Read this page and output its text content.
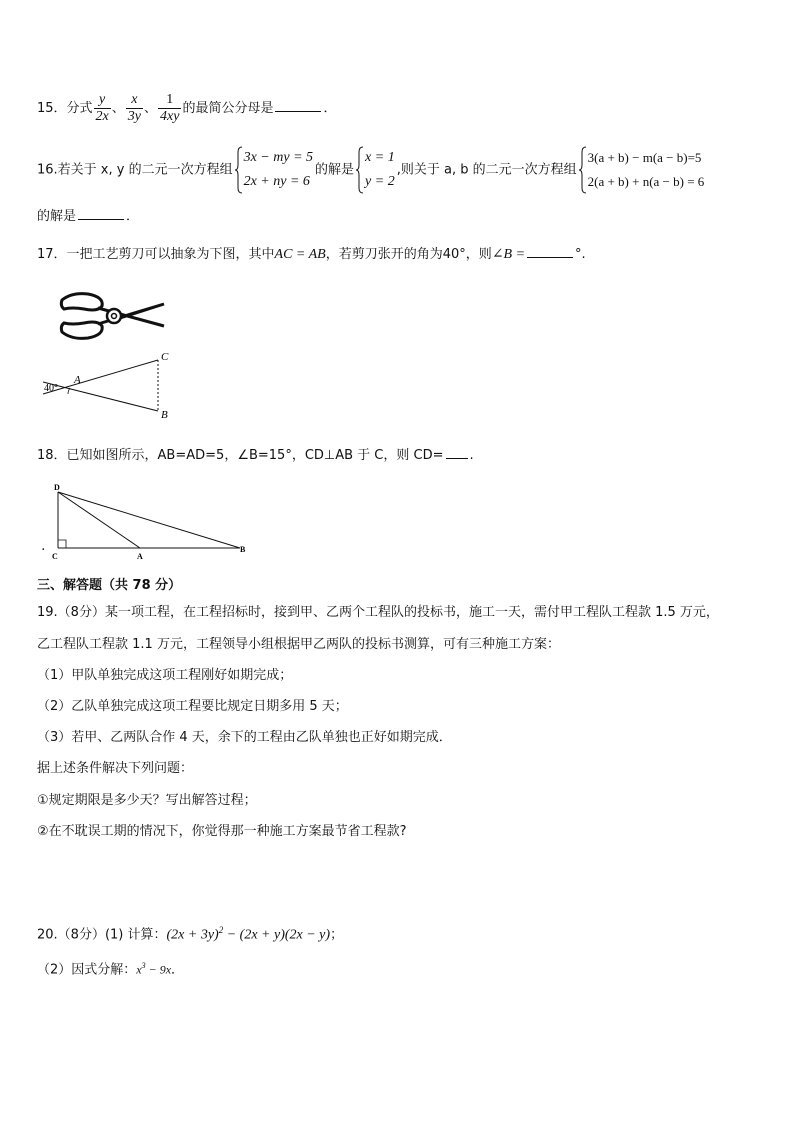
15．分式 $\frac{y}{2x}$ 、 $\frac{x}{3y}$ 、 $\frac{1}{4xy}$ 的最简公分母是	．
16.若关于 x, y 的二元一次方程组
3x − my = 5
2x + ny = 6
的解是
x = 1
y = 2
,则关于 a, b 的二元一次方程组
3(a + b) − m(a − b)=5
2(a + b) + n(a − b) = 6
的解是	．
17．一把工艺剪刀可以抽象为下图，其中AC = AB，若剪刀张开的角为40°，则∠B =	°.
40°
A
C
B
18．已知如图所示，AB=AD=5，∠B=15°，CD⊥AB 于 C，则 CD= .
D
C	A
B
.
三、解答题（共 78 分）
19.（8分）某一项工程，在工程招标时，接到甲、乙两个工程队的投标书，施工一天，需付甲工程队工程款 1.5 万元，
乙工程队工程款 1.1 万元，工程领导小组根据甲乙两队的投标书测算，可有三种施工方案：
（1）甲队单独完成这项工程刚好如期完成；
（2）乙队单独完成这项工程要比规定日期多用 5 天；
（3）若甲、乙两队合作 4 天，余下的工程由乙队单独也正好如期完成．
据上述条件解决下列问题：
①规定期限是多少天？写出解答过程；
②在不耽误工期的情况下，你觉得那一种施工方案最节省工程款?
20.（8分）(1) 计算：$(2x + 3y)^2 - (2x + y)(2x - y)$；
（2）因式分解：$x^3 - 9x$．
